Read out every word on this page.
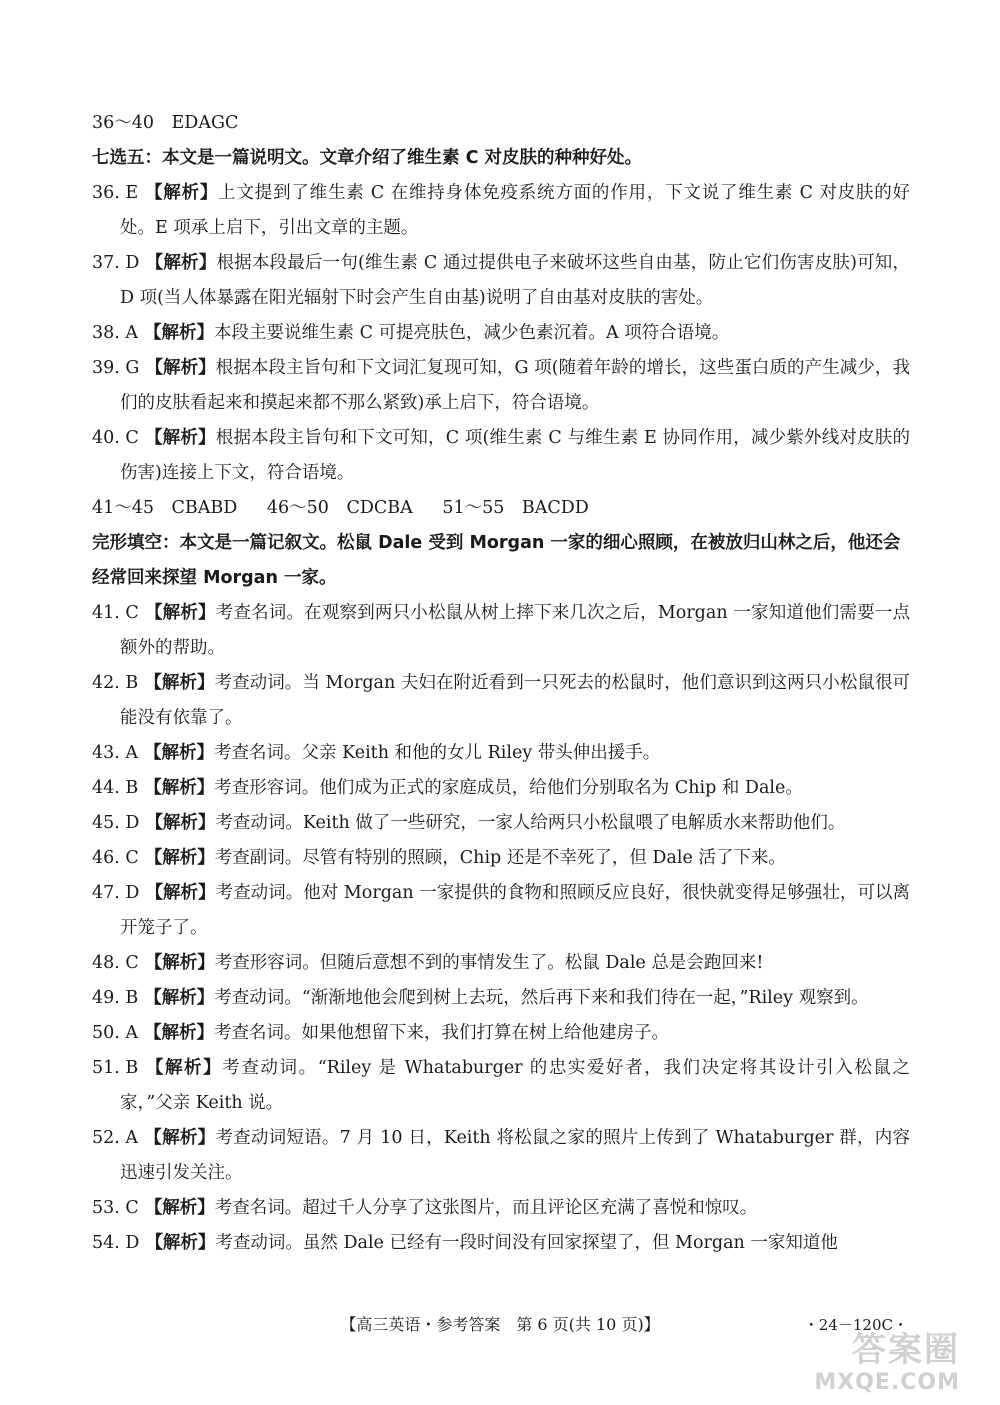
36～40　EDAGC
七选五：本文是一篇说明文。文章介绍了维生素 C 对皮肤的种种好处。
36. E 【解析】上文提到了维生素 C 在维持身体免疫系统方面的作用，下文说了维生素 C 对皮肤的好处。E 项承上启下，引出文章的主题。
37. D 【解析】根据本段最后一句(维生素 C 通过提供电子来破坏这些自由基，防止它们伤害皮肤)可知，D 项(当人体暴露在阳光辐射下时会产生自由基)说明了自由基对皮肤的害处。
38. A 【解析】本段主要说维生素 C 可提亮肤色，减少色素沉着。A 项符合语境。
39. G 【解析】根据本段主旨句和下文词汇复现可知，G 项(随着年龄的增长，这些蛋白质的产生减少，我们的皮肤看起来和摸起来都不那么紧致)承上启下，符合语境。
40. C 【解析】根据本段主旨句和下文可知，C 项(维生素 C 与维生素 E 协同作用，减少紫外线对皮肤的伤害)连接上下文，符合语境。
41～45　CBABD 46～50　CDCBA 51～55　BACDD
完形填空：本文是一篇记叙文。松鼠 Dale 受到 Morgan 一家的细心照顾，在被放归山林之后，他还会经常回来探望 Morgan 一家。
41. C 【解析】考查名词。在观察到两只小松鼠从树上摔下来几次之后，Morgan 一家知道他们需要一点额外的帮助。
42. B 【解析】考查动词。当 Morgan 夫妇在附近看到一只死去的松鼠时，他们意识到这两只小松鼠很可能没有依靠了。
43. A 【解析】考查名词。父亲 Keith 和他的女儿 Riley 带头伸出援手。
44. B 【解析】考查形容词。他们成为正式的家庭成员，给他们分别取名为 Chip 和 Dale。
45. D 【解析】考查动词。Keith 做了一些研究，一家人给两只小松鼠喂了电解质水来帮助他们。
46. C 【解析】考查副词。尽管有特别的照顾，Chip 还是不幸死了，但 Dale 活了下来。
47. D 【解析】考查动词。他对 Morgan 一家提供的食物和照顾反应良好，很快就变得足够强壮，可以离开笼子了。
48. C 【解析】考查形容词。但随后意想不到的事情发生了。松鼠 Dale 总是会跑回来!
49. B 【解析】考查动词。“渐渐地他会爬到树上去玩，然后再下来和我们待在一起，”Riley 观察到。
50. A 【解析】考查名词。如果他想留下来，我们打算在树上给他建房子。
51. B 【解析】考查动词。“Riley 是 Whataburger 的忠实爱好者，我们决定将其设计引入松鼠之家，”父亲 Keith 说。
52. A 【解析】考查动词短语。7 月 10 日，Keith 将松鼠之家的照片上传到了 Whataburger 群，内容迅速引发关注。
53. C 【解析】考查名词。超过千人分享了这张图片，而且评论区充满了喜悦和惊叹。
54. D 【解析】考查动词。虽然 Dale 已经有一段时间没有回家探望了，但 Morgan 一家知道他
【高三英语・参考答案　第 6 页(共 10 页)】	・24－120C・
答案圈
MXQE.COM
